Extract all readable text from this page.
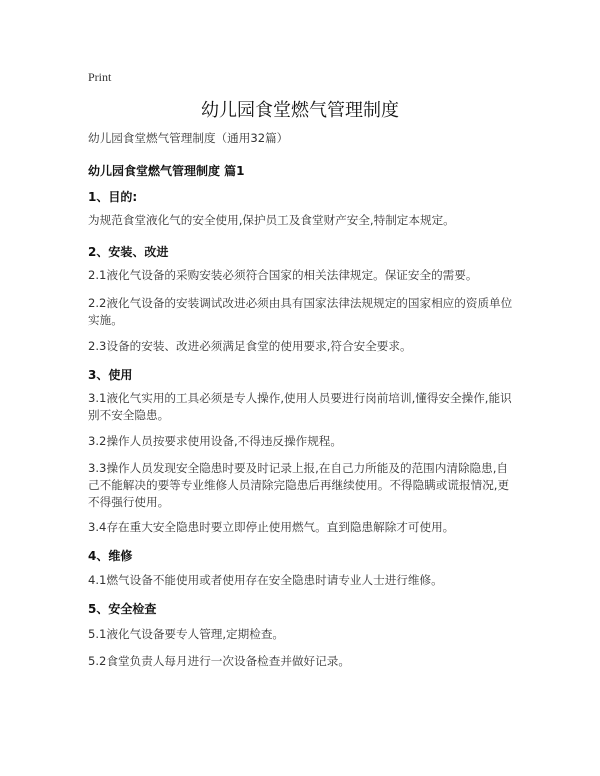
Print
幼儿园食堂燃气管理制度
幼儿园食堂燃气管理制度（通用32篇）
幼儿园食堂燃气管理制度 篇1
1、目的:
为规范食堂液化气的安全使用,保护员工及食堂财产安全,特制定本规定。
2、安装、改进
2.1液化气设备的采购安装必须符合国家的相关法律规定。保证安全的需要。
2.2液化气设备的安装调试改进必须由具有国家法律法规规定的国家相应的资质单位实施。
2.3设备的安装、改进必须满足食堂的使用要求,符合安全要求。
3、使用
3.1液化气实用的工具必须是专人操作,使用人员要进行岗前培训,懂得安全操作,能识别不安全隐患。
3.2操作人员按要求使用设备,不得违反操作规程。
3.3操作人员发现安全隐患时要及时记录上报,在自己力所能及的范围内清除隐患,自己不能解决的要等专业维修人员清除完隐患后再继续使用。不得隐瞒或谎报情况,更不得强行使用。
3.4存在重大安全隐患时要立即停止使用燃气。直到隐患解除才可使用。
4、维修
4.1燃气设备不能使用或者使用存在安全隐患时请专业人士进行维修。
5、安全检查
5.1液化气设备要专人管理,定期检查。
5.2食堂负责人每月进行一次设备检查并做好记录。
